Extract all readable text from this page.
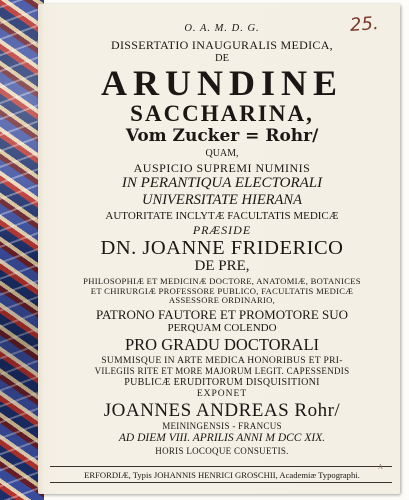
25.
O. A. M. D. G.
DISSERTATIO INAUGURALIS MEDICA,
DE
ARUNDINE
SACCHARINA,
Vom Zucker = Rohr/
QUAM,
AUSPICIO SUPREMI NUMINIS
IN PERANTIQUA ELECTORALI
UNIVERSITATE HIERANA
AUTORITATE INCLYTÆ FACULTATIS MEDICÆ
PRÆSIDE
DN. JOANNE FRIDERICO
DE PRE,
PHILOSOPHIÆ ET MEDICINÆ DOCTORE, ANATOMIÆ, BOTANICES
ET CHIRURGIÆ PROFESSORE PUBLICO, FACULTATIS MEDICÆ
ASSESSORE ORDINARIO,
PATRONO FAUTORE ET PROMOTORE SUO
PERQUAM COLENDO
PRO GRADU DOCTORALI
SUMMISQUE IN ARTE MEDICA HONORIBUS ET PRI-
VILEGIIS RITE ET MORE MAJORUM LEGIT. CAPESSENDIS
PUBLICÆ ERUDITORUM DISQUISITIONI
EXPONET
JOANNES ANDREAS Rohr/
MEININGENSIS - FRANCUS
AD DIEM VIII. APRILIS ANNI M DCC XIX.
HORIS LOCOQUE CONSUETIS.
ERFORDIÆ, Typis JOHANNIS HENRICI GROSCHII, Academiæ Typographi.
A
